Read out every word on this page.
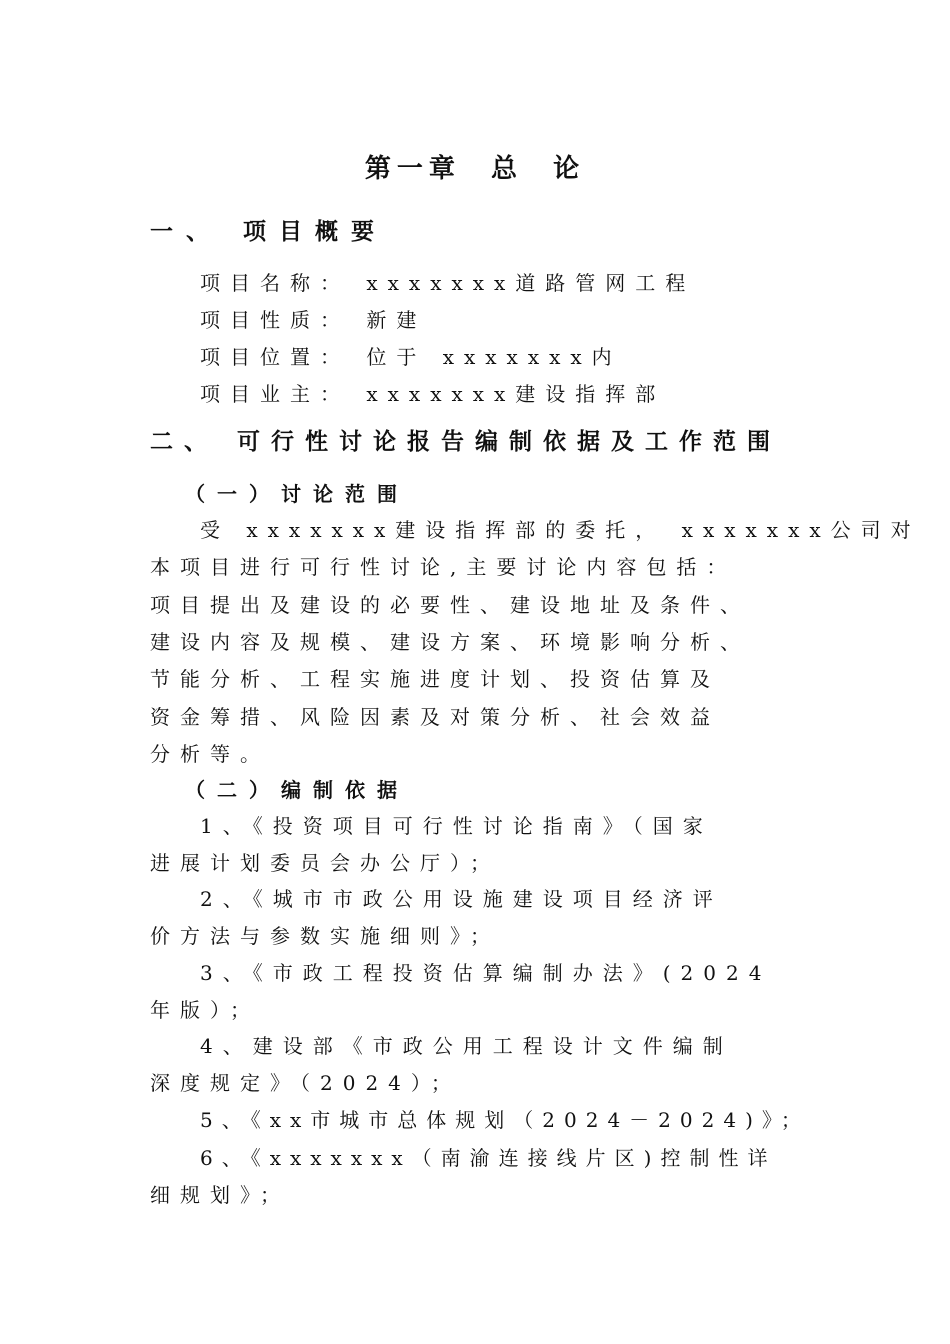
第一章  总  论
一、 项目概要
项目名称： xxxxxxx道路管网工程
项目性质： 新建
项目位置： 位于 xxxxxxx内
项目业主： xxxxxxx建设指挥部
二、 可行性讨论报告编制依据及工作范围
（一）讨论范围
受 xxxxxxx建设指挥部的委托， xxxxxxx公司对
本项目进行可行性讨论,主要讨论内容包括：
项目提出及建设的必要性、建设地址及条件、
建设内容及规模、建设方案、环境影响分析、
节能分析、工程实施进度计划、投资估算及
资金筹措、风险因素及对策分析、社会效益
分析等。
（二）编制依据
1、《投资项目可行性讨论指南》（国家
进展计划委员会办公厅）；
2、《城市市政公用设施建设项目经济评
价方法与参数实施细则》；
3、《市政工程投资估算编制办法》(2024
年版）；
4、建设部《市政公用工程设计文件编制
深度规定》（2024）；
5、《xx市城市总体规划（2024－2024)》；
6、《xxxxxxx（南渝连接线片区)控制性详
细规划》；
